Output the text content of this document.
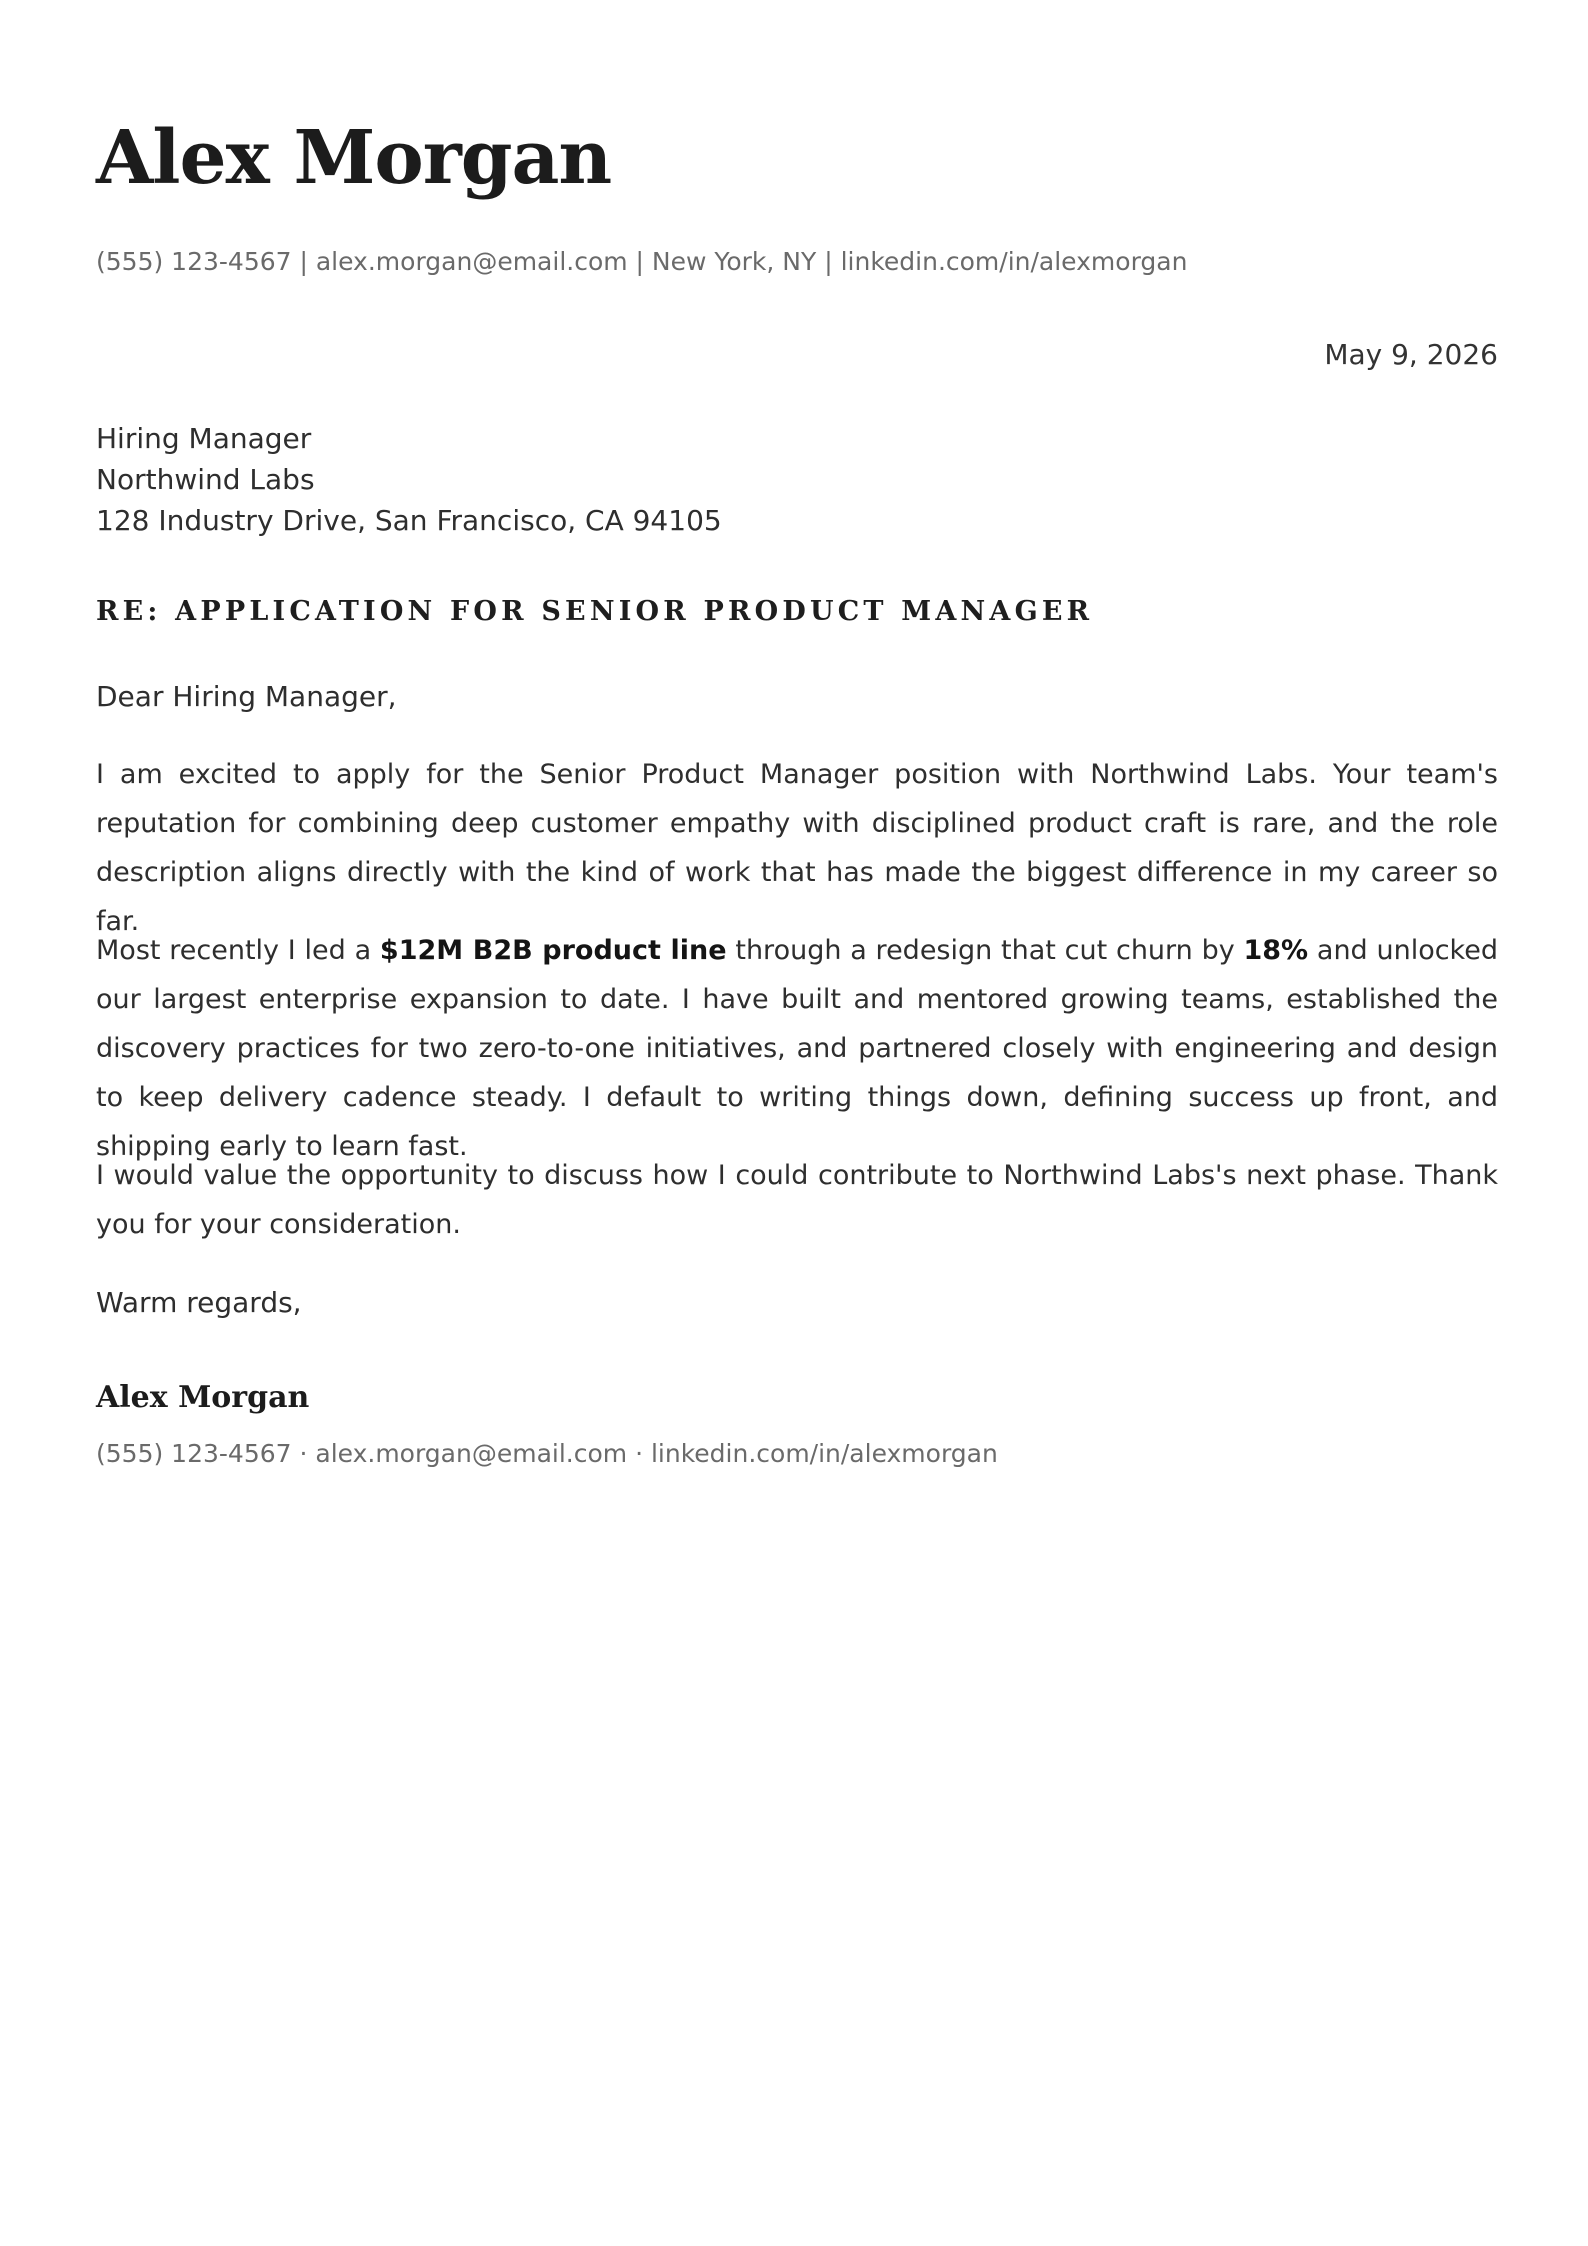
Alex Morgan
(555) 123-4567 | alex.morgan@email.com | New York, NY | linkedin.com/in/alexmorgan
May 9, 2026
Hiring Manager
Northwind Labs
128 Industry Drive, San Francisco, CA 94105
RE: APPLICATION FOR SENIOR PRODUCT MANAGER
Dear Hiring Manager,

I am excited to apply for the Senior Product Manager position with Northwind Labs. Your team's reputation for combining deep customer empathy with disciplined product craft is rare, and the role description aligns directly with the kind of work that has made the biggest difference in my career so far.

Most recently I led a $12M B2B product line through a redesign that cut churn by 18% and unlocked our largest enterprise expansion to date. I have built and mentored growing teams, established the discovery practices for two zero-to-one initiatives, and partnered closely with engineering and design to keep delivery cadence steady. I default to writing things down, defining success up front, and shipping early to learn fast.

I would value the opportunity to discuss how I could contribute to Northwind Labs's next phase. Thank you for your consideration.

Warm regards,
Alex Morgan
(555) 123-4567 · alex.morgan@email.com · linkedin.com/in/alexmorgan
